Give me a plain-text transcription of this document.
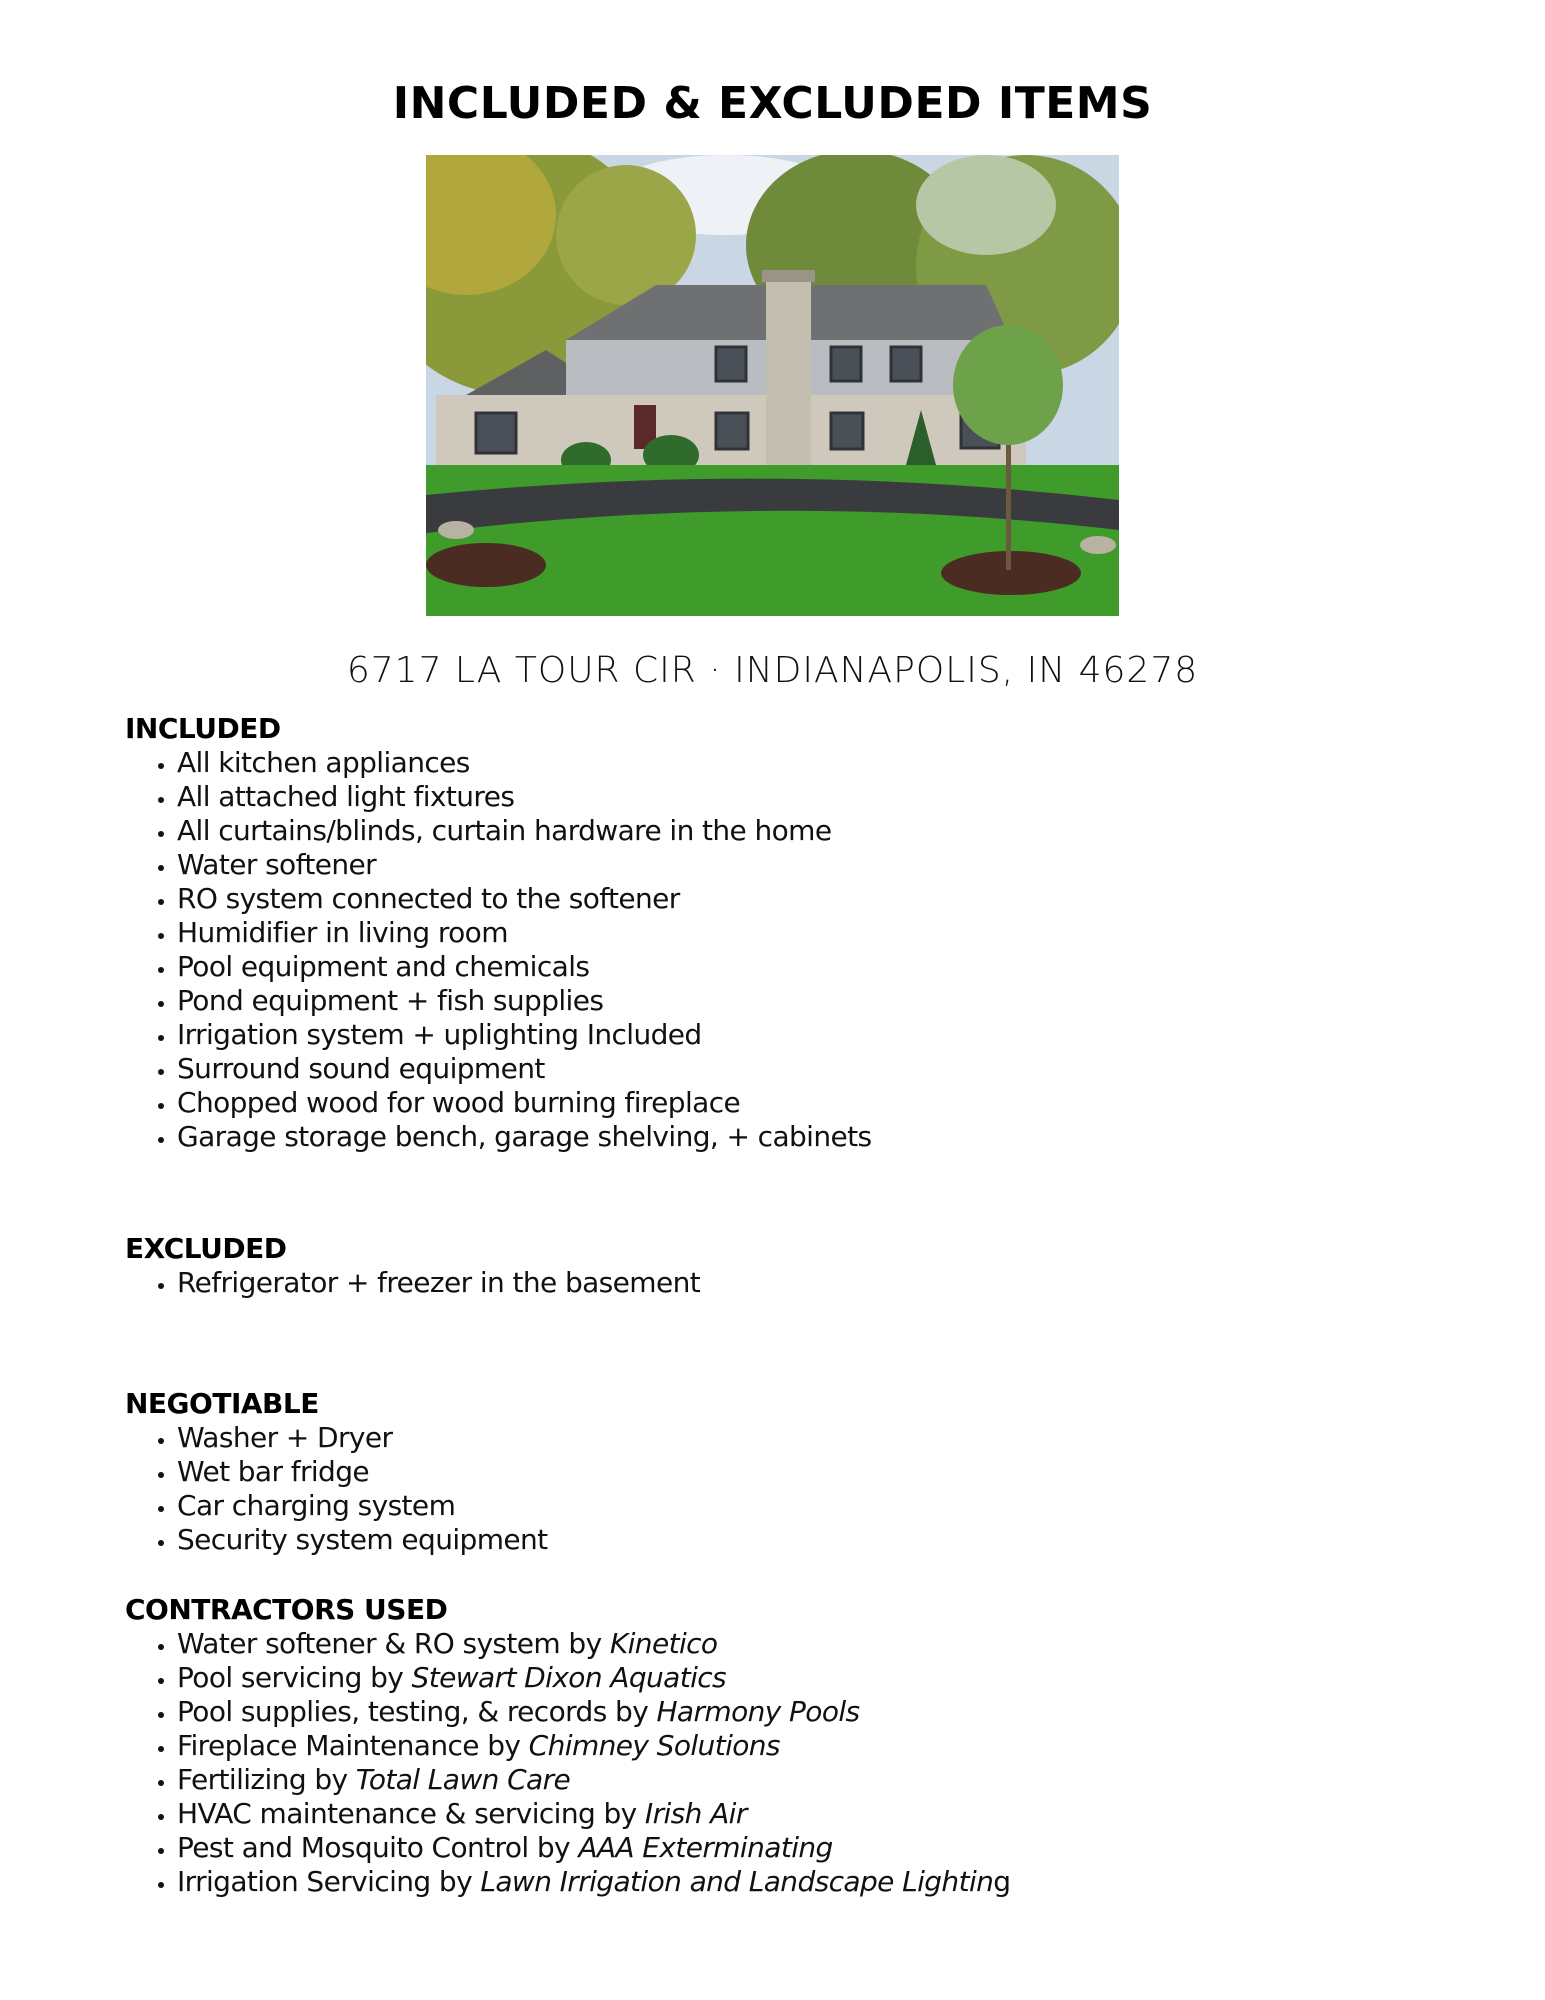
INCLUDED & EXCLUDED ITEMS

6717 LA TOUR CIR · INDIANAPOLIS, IN 46278

INCLUDED
• All kitchen appliances
• All attached light fixtures
• All curtains/blinds, curtain hardware in the home
• Water softener
• RO system connected to the softener
• Humidifier in living room
• Pool equipment and chemicals
• Pond equipment + fish supplies
• Irrigation system + uplighting Included
• Surround sound equipment
• Chopped wood for wood burning fireplace
• Garage storage bench, garage shelving, + cabinets
EXCLUDED
• Refrigerator + freezer in the basement
NEGOTIABLE
• Washer + Dryer
• Wet bar fridge
• Car charging system
• Security system equipment
CONTRACTORS USED
• Water softener & RO system by Kinetico
• Pool servicing by Stewart Dixon Aquatics
• Pool supplies, testing, & records by Harmony Pools
• Fireplace Maintenance by Chimney Solutions
• Fertilizing by Total Lawn Care
• HVAC maintenance & servicing by Irish Air
• Pest and Mosquito Control by AAA Exterminating
• Irrigation Servicing by Lawn Irrigation and Landscape Lighting
